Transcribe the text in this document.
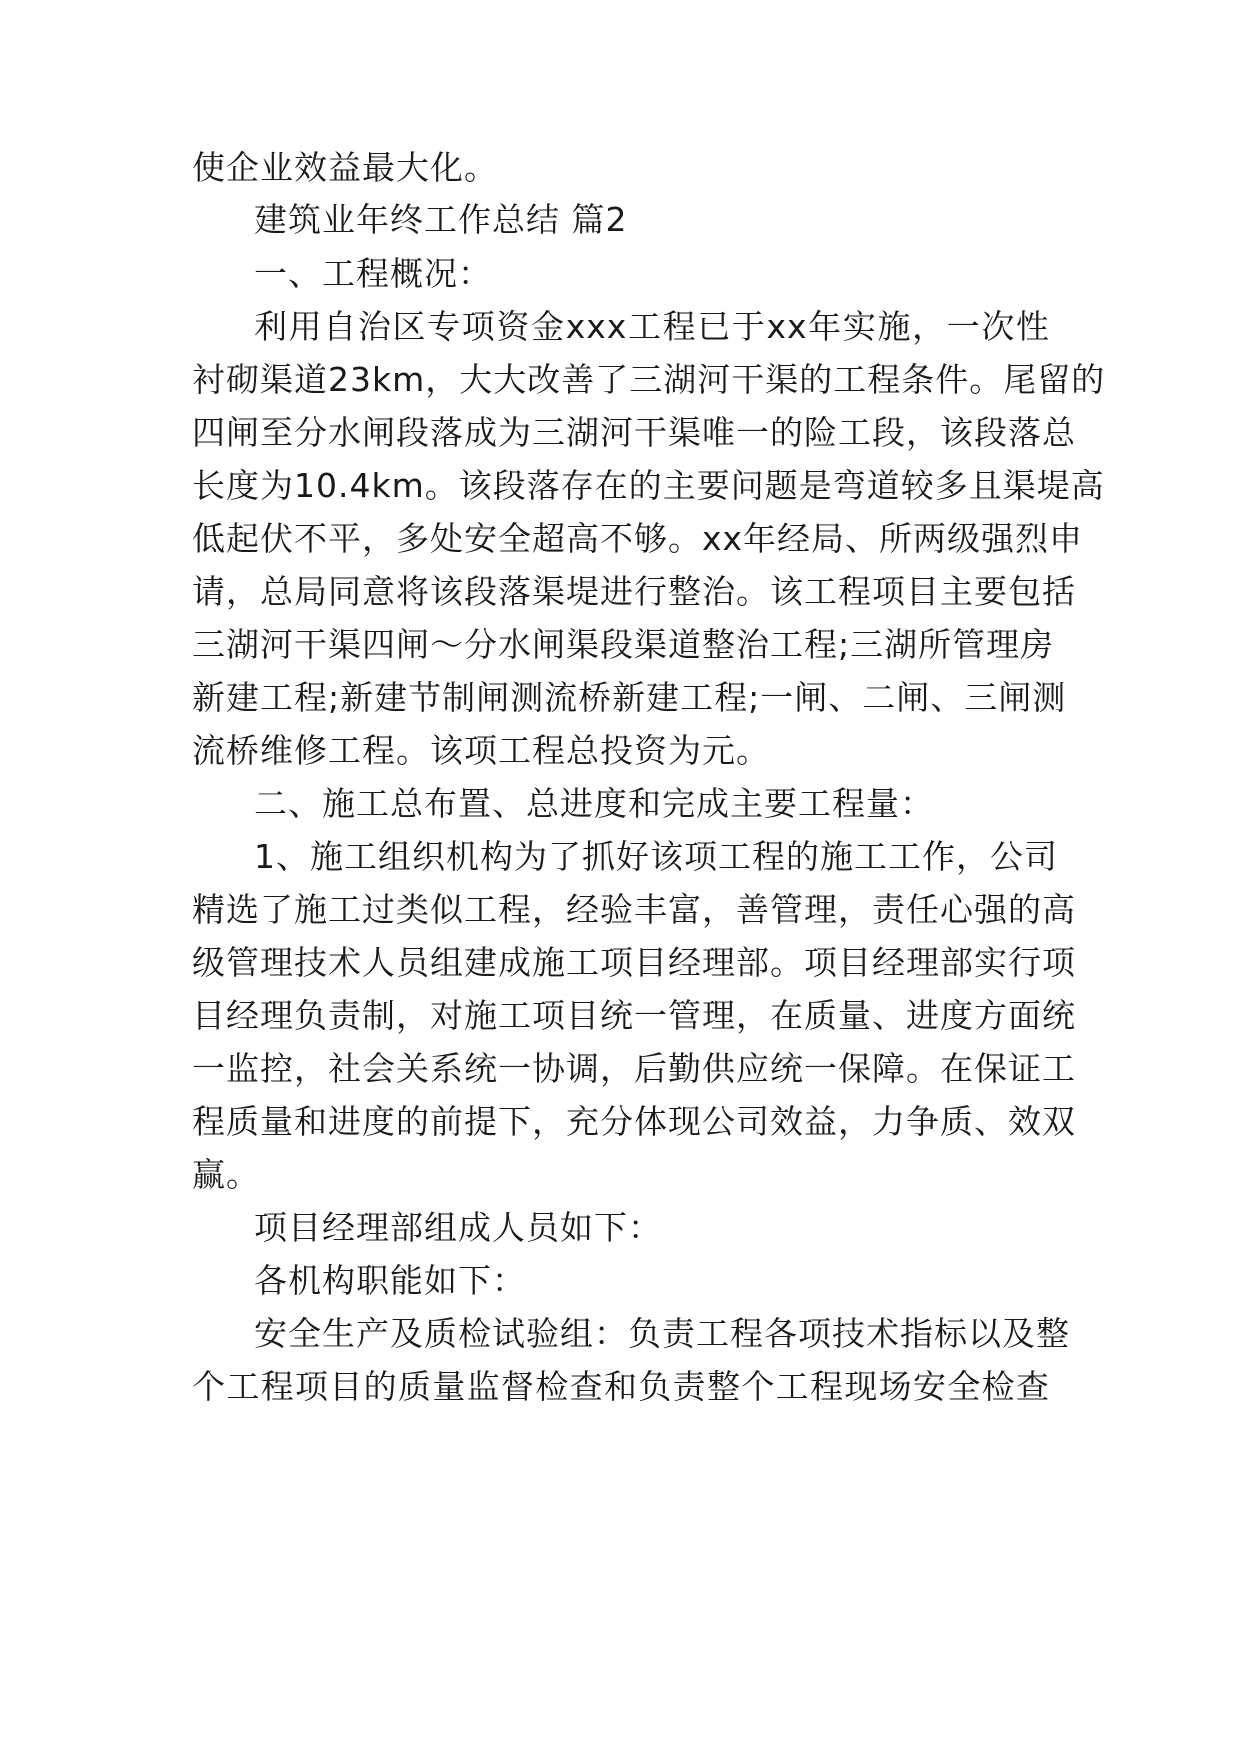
使企业效益最大化。
建筑业年终工作总结 篇2
一、工程概况：
利用自治区专项资金xxx工程已于xx年实施，一次性
衬砌渠道23km，大大改善了三湖河干渠的工程条件。尾留的
四闸至分水闸段落成为三湖河干渠唯一的险工段，该段落总
长度为10.4km。该段落存在的主要问题是弯道较多且渠堤高
低起伏不平，多处安全超高不够。xx年经局、所两级强烈申
请，总局同意将该段落渠堤进行整治。该工程项目主要包括
三湖河干渠四闸～分水闸渠段渠道整治工程;三湖所管理房
新建工程;新建节制闸测流桥新建工程;一闸、二闸、三闸测
流桥维修工程。该项工程总投资为元。
二、施工总布置、总进度和完成主要工程量：
1、施工组织机构为了抓好该项工程的施工工作，公司
精选了施工过类似工程，经验丰富，善管理，责任心强的高
级管理技术人员组建成施工项目经理部。项目经理部实行项
目经理负责制，对施工项目统一管理，在质量、进度方面统
一监控，社会关系统一协调，后勤供应统一保障。在保证工
程质量和进度的前提下，充分体现公司效益，力争质、效双
赢。
项目经理部组成人员如下：
各机构职能如下：
安全生产及质检试验组：负责工程各项技术指标以及整
个工程项目的质量监督检查和负责整个工程现场安全检查
